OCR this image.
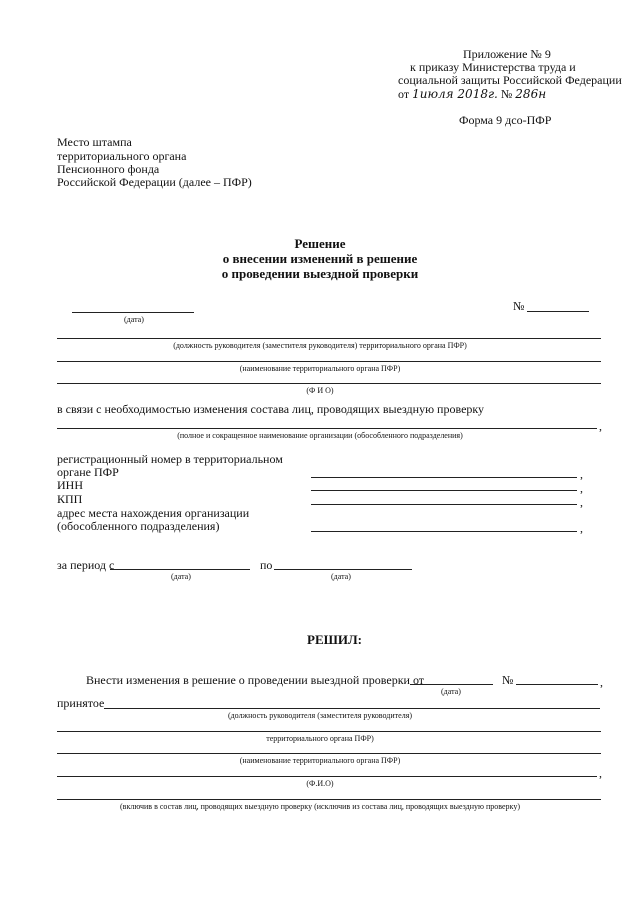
Приложение № 9
к приказу Министерства труда и
социальной защиты Российской Федерации
от 1июля 2018г. № 286н
Форма 9 дсо-ПФР
Место штампа
территориального органа
Пенсионного фонда
Российской Федерации (далее – ПФР)
Решение
о внесении изменений в решение
о проведении выездной проверки
(дата)
№
(должность руководителя (заместителя руководителя) территориального органа ПФР)
(наименование территориального органа ПФР)
(Ф И О)
в связи с необходимостью изменения состава лиц, проводящих выездную проверку
,
(полное и сокращенное наименование организации (обособленного подразделения)
регистрационный номер в территориальном
органе ПФР	,
ИНН	,
КПП	,
адрес места нахождения организации
(обособленного подразделения)	,
за период с
(дата)
по
(дата)
РЕШИЛ:
Внести изменения в решение о проведении выездной проверки от
(дата)
№	,
принятое
(должность руководителя (заместителя руководителя)
территориального органа ПФР)
(наименование территориального органа ПФР)
,
(Ф.И.О)
(включив в состав лиц, проводящих выездную проверку (исключив из состава лиц, проводящих выездную проверку)
